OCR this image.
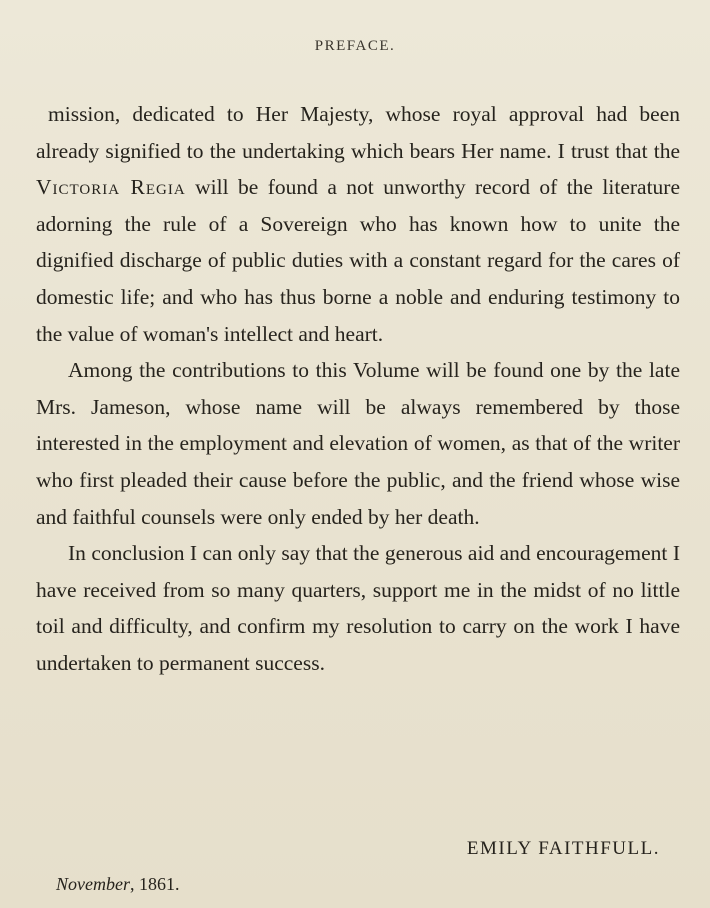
PREFACE.

mission, dedicated to Her Majesty, whose royal approval had been already signified to the undertaking which bears Her name. I trust that the Victoria Regia will be found a not unworthy record of the literature adorning the rule of a Sovereign who has known how to unite the dignified discharge of public duties with a constant regard for the cares of domestic life; and who has thus borne a noble and enduring testimony to the value of woman's intellect and heart.

Among the contributions to this Volume will be found one by the late Mrs. Jameson, whose name will be always remembered by those interested in the employment and elevation of women, as that of the writer who first pleaded their cause before the public, and the friend whose wise and faithful counsels were only ended by her death.

In conclusion I can only say that the generous aid and encouragement I have received from so many quarters, support me in the midst of no little toil and difficulty, and confirm my resolution to carry on the work I have undertaken to permanent success.

EMILY FAITHFULL.
November, 1861.
